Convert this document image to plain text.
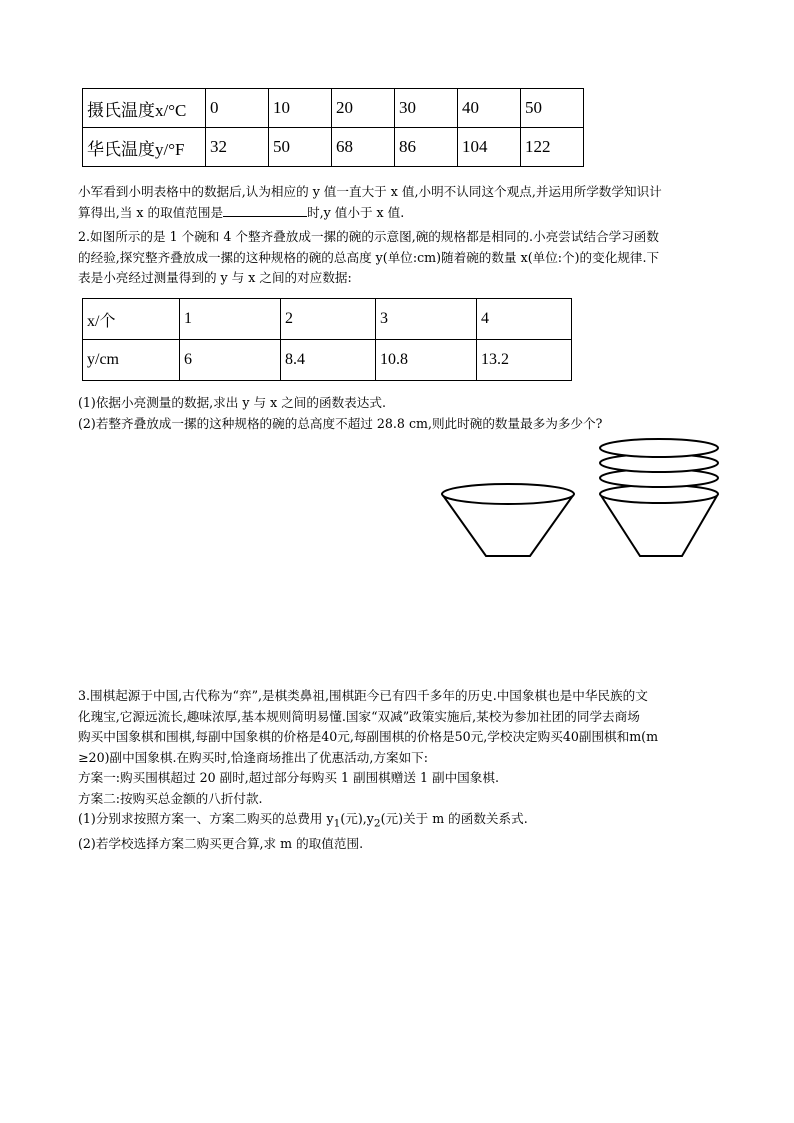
摄氏温度x/°C	0	10	20	30	40	50
华氏温度y/°F	32	50	68	86	104	122
小军看到小明表格中的数据后,认为相应的 y 值一直大于 x 值,小明不认同这个观点,并运用所学数学知识计
算得出,当 x 的取值范围是	时,y 值小于 x 值.
2.如图所示的是 1 个碗和 4 个整齐叠放成一摞的碗的示意图,碗的规格都是相同的.小亮尝试结合学习函数
的经验,探究整齐叠放成一摞的这种规格的碗的总高度 y(单位:cm)随着碗的数量 x(单位:个)的变化规律.下
表是小亮经过测量得到的 y 与 x 之间的对应数据:
x/个	1	2	3	4
y/cm	6	8.4	10.8	13.2
(1)依据小亮测量的数据,求出 y 与 x 之间的函数表达式.
(2)若整齐叠放成一摞的这种规格的碗的总高度不超过 28.8 cm,则此时碗的数量最多为多少个?
3.围棋起源于中国,古代称为“弈”,是棋类鼻祖,围棋距今已有四千多年的历史.中国象棋也是中华民族的文
化瑰宝,它源远流长,趣味浓厚,基本规则简明易懂.国家“双减”政策实施后,某校为参加社团的同学去商场
购买中国象棋和围棋,每副中国象棋的价格是40元,每副围棋的价格是50元,学校决定购买40副围棋和m(m
≥20)副中国象棋.在购买时,恰逢商场推出了优惠活动,方案如下:
方案一:购买围棋超过 20 副时,超过部分每购买 1 副围棋赠送 1 副中国象棋.
方案二:按购买总金额的八折付款.
(1)分别求按照方案一、方案二购买的总费用 $y_1$(元)$,y_2$(元)关于 m 的函数关系式.
(2)若学校选择方案二购买更合算,求 m 的取值范围.
